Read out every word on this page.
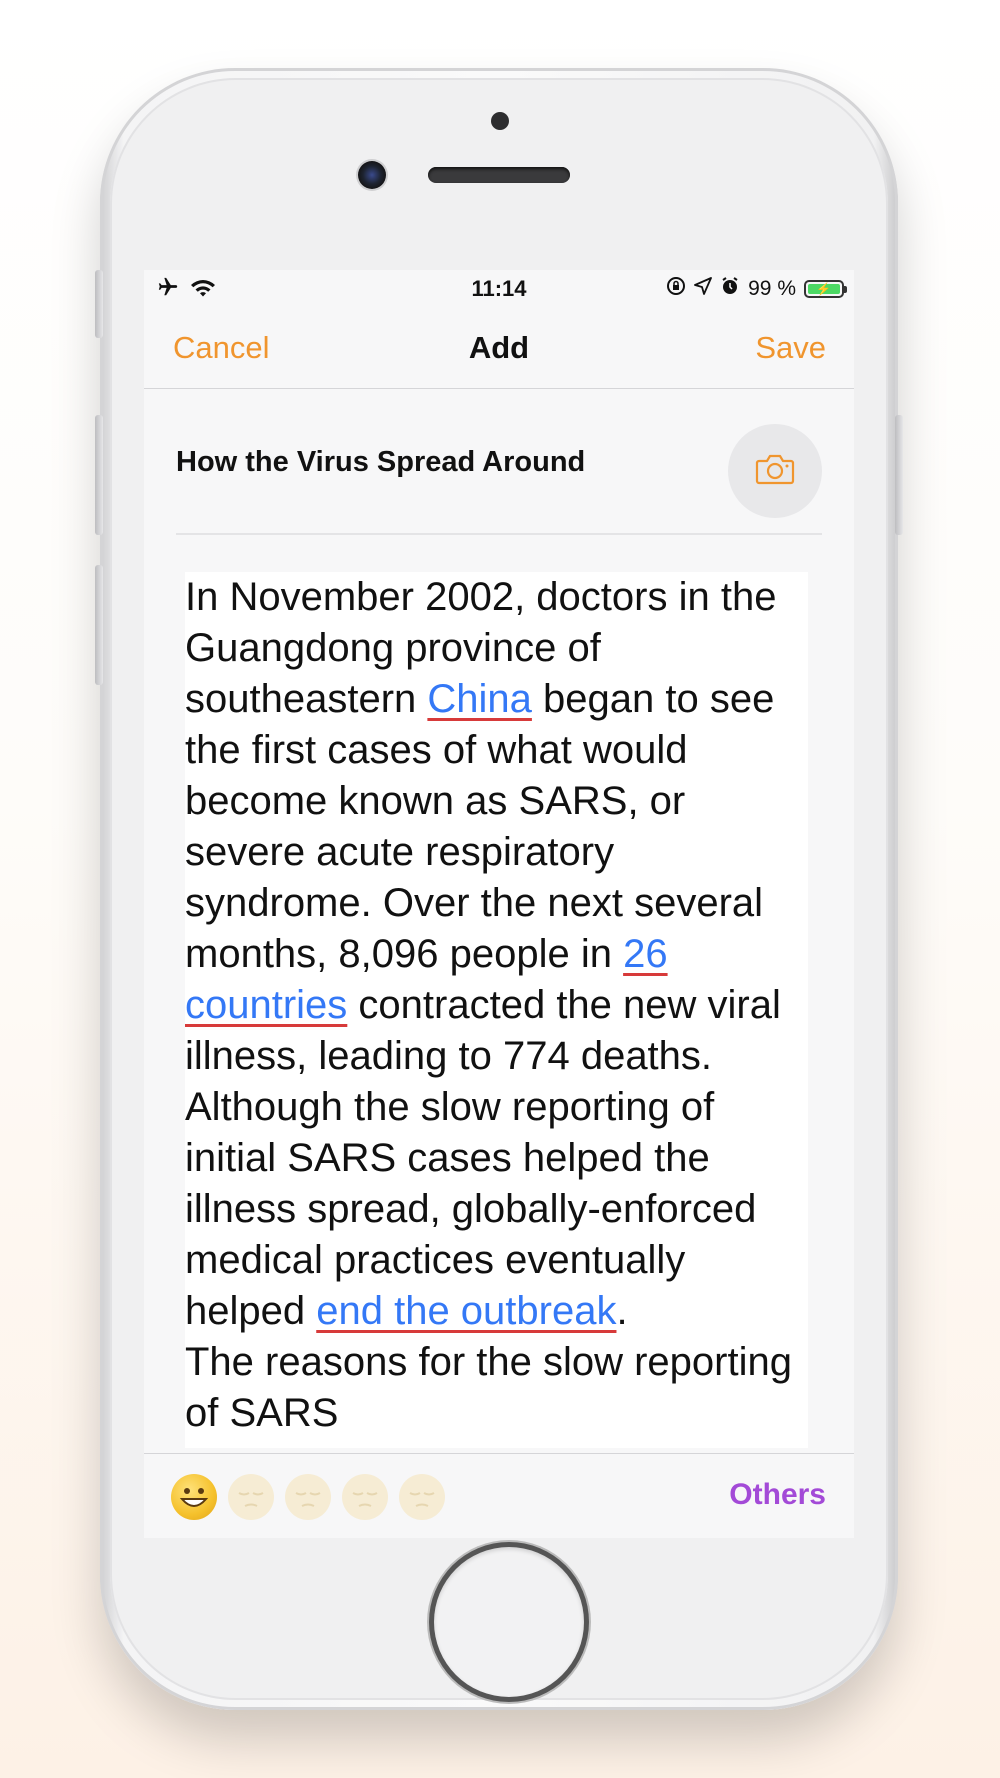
11:14	99 %	⚡
Cancel	Add	Save
How the Virus Spread Around

In November 2002, doctors in the Guangdong province of southeastern China began to see the first cases of what would become known as SARS, or severe acute respiratory syndrome. Over the next several months, 8,096 people in 26 countries contracted the new viral illness, leading to 774 deaths. Although the slow reporting of initial SARS cases helped the illness spread, globally-enforced medical practices eventually helped end the outbreak.

The reasons for the slow reporting of SARS

Others
